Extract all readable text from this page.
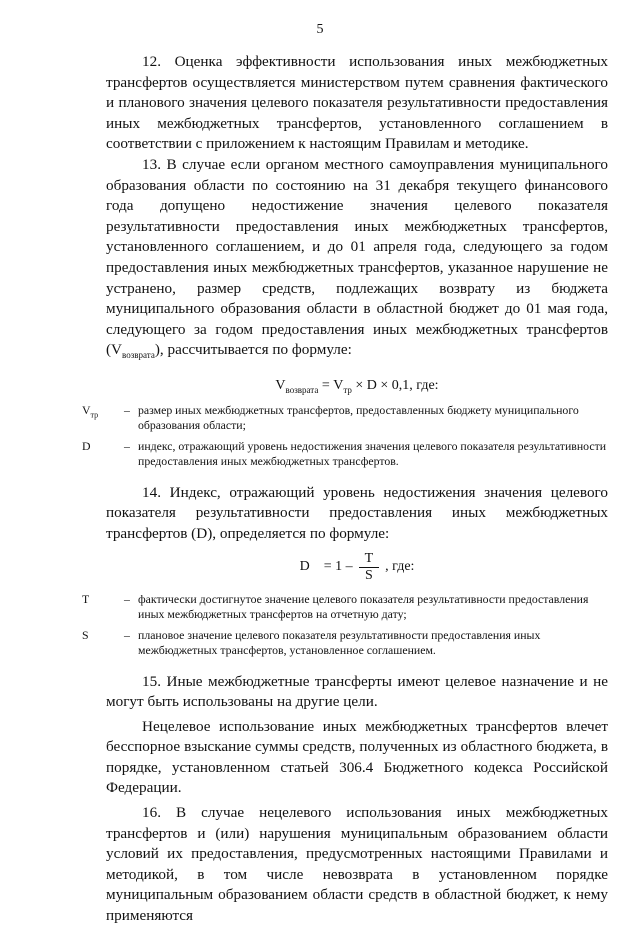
5

12. Оценка эффективности использования иных межбюджетных трансфертов осуществляется министерством путем сравнения фактического и планового значения целевого показателя результативности предоставления иных межбюджетных трансфертов, установленного соглашением в соответствии с приложением к настоящим Правилам и методике.

13. В случае если органом местного самоуправления муниципального образования области по состоянию на 31 декабря текущего финансового года допущено недостижение значения целевого показателя результативности предоставления иных межбюджетных трансфертов, установленного соглашением, и до 01 апреля года, следующего за годом предоставления иных межбюджетных трансфертов, указанное нарушение не устранено, размер средств, подлежащих возврату из бюджета муниципального образования области в областной бюджет до 01 мая года, следующего за годом предоставления иных межбюджетных трансфертов $(V_{возврата})$, рассчитывается по формуле:

$V_{возврата} = V_{тр} \times D \times 0,1$, где:
$V_{тр}$	– размер иных межбюджетных трансфертов, предоставленных бюджету муниципального образования области;
D	– индекс, отражающий уровень недостижения значения целевого показателя результативности предоставления иных межбюджетных трансфертов.

14. Индекс, отражающий уровень недостижения значения целевого показателя результативности предоставления иных межбюджетных трансфертов (D), определяется по формуле:

$D = 1 - \frac{T}{S}$ , где:
T	– фактически достигнутое значение целевого показателя результативности предоставления иных межбюджетных трансфертов на отчетную дату;
S	– плановое значение целевого показателя результативности предоставления иных межбюджетных трансфертов, установленное соглашением.

15. Иные межбюджетные трансферты имеют целевое назначение и не могут быть использованы на другие цели.

Нецелевое использование иных межбюджетных трансфертов влечет бесспорное взыскание суммы средств, полученных из областного бюджета, в порядке, установленном статьей 306.4 Бюджетного кодекса Российской Федерации.

16. В случае нецелевого использования иных межбюджетных трансфертов и (или) нарушения муниципальным образованием области условий их предоставления, предусмотренных настоящими Правилами и методикой, в том числе невозврата в установленном порядке муниципальным образованием области средств в областной бюджет, к нему применяются
